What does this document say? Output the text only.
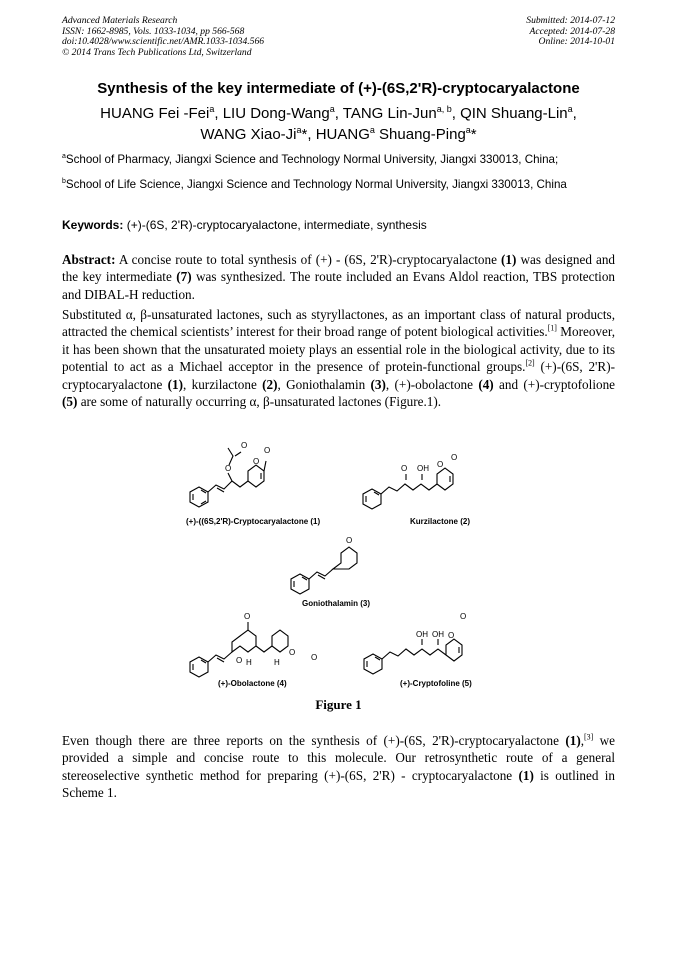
Advanced Materials Research
ISSN: 1662-8985, Vols. 1033-1034, pp 566-568
doi:10.4028/www.scientific.net/AMR.1033-1034.566
© 2014 Trans Tech Publications Ltd, Switzerland
Submitted: 2014-07-12
Accepted: 2014-07-28
Online: 2014-10-01
Synthesis of the key intermediate of (+)-(6S,2'R)-cryptocaryalactone
HUANG Fei -Fei$^a$, LIU Dong-Wang$^a$, TANG Lin-Jun$^{a, b}$, QIN Shuang-Lin$^a$,
WANG Xiao-Ji$^a$*, HUANG$^a$ Shuang-Ping$^a$*
$^a$School of Pharmacy, Jiangxi Science and Technology Normal University, Jiangxi 330013, China;
$^b$School of Life Science, Jiangxi Science and Technology Normal University, Jiangxi 330013, China
Keywords: (+)-(6S, 2'R)-cryptocaryalactone, intermediate, synthesis
Abstract: A concise route to total synthesis of (+) - (6S, 2'R)-cryptocaryalactone (1) was designed and the key intermediate (7) was synthesized. The route included an Evans Aldol reaction, TBS protection and DIBAL-H reduction.
Substituted α, β-unsaturated lactones, such as styryllactones, as an important class of natural products, attracted the chemical scientists’ interest for their broad range of potent biological activities.[1] Moreover, it has been shown that the unsaturated moiety plays an essential role in the biological activity, due to its potential to act as a Michael acceptor in the presence of protein-functional groups.[2] (+)-(6S, 2'R)-cryptocaryalactone (1), kurzilactone (2), Goniothalamin (3), (+)-obolactone (4) and (+)-cryptofolione (5) are some of naturally occurring α, β-unsaturated lactones (Figure.1).
O
O
O
O
O OH O
O
O
O
O H
O
H
O
OH OH O
O
(+)-((6S,2'R)-Cryptocaryalactone (1)	Kurzilactone (2)
Goniothalamin (3)
(+)-Obolactone (4)	(+)-Cryptofoline (5)
Figure 1
Even though there are three reports on the synthesis of (+)-(6S, 2'R)-cryptocaryalactone (1),[3] we provided a simple and concise route to this molecule. Our retrosynthetic route of a general stereoselective synthetic method for preparing (+)-(6S, 2'R) - cryptocaryalactone (1) is outlined in Scheme 1.
